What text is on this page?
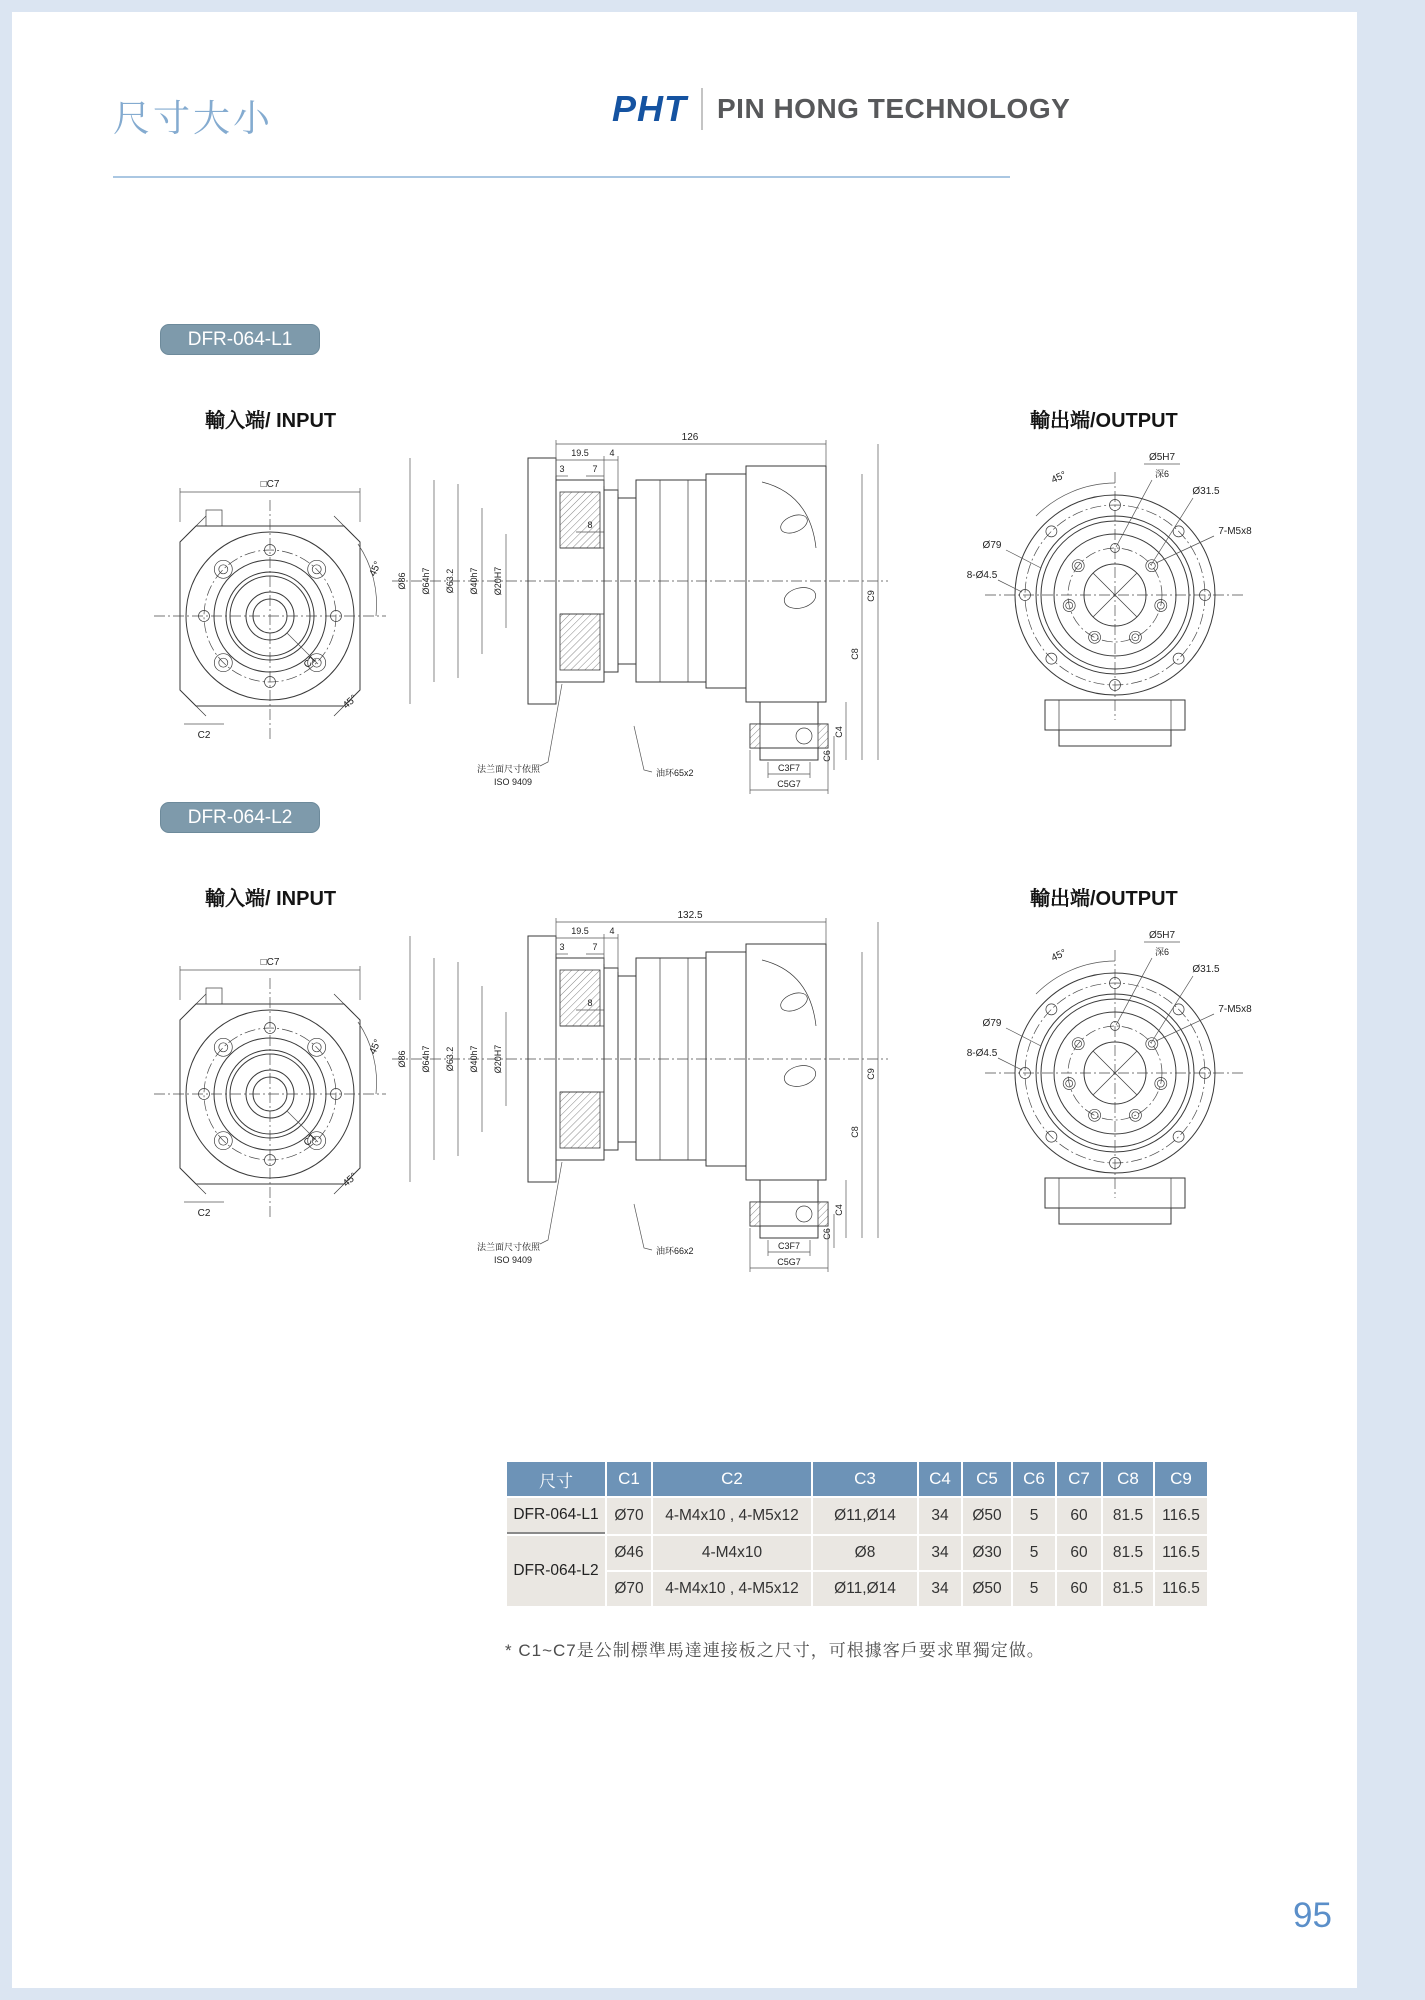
尺寸大小	PHT PIN HONG TECHNOLOGY
DFR-064-L1
輸入端/ INPUT	輸出端/OUTPUT
□C7
45°
45°
C1
C2
Ø86 Ø64h7 Ø63.2 Ø40h7 Ø20H7
8
126
19.5 4
3	7
C6
C4
C8
C9
C3F7
C5G7
法兰面尺寸依照
ISO 9409
油环65x2
45°
Ø5H7
深6
Ø31.5
7-M5x8
Ø79
8-Ø4.5
DFR-064-L2
輸入端/ INPUT	輸出端/OUTPUT
□C7
45°
45°
C1
C2
Ø86 Ø64h7 Ø63.2 Ø40h7 Ø20H7
8
132.5
19.5 4
3	7
C6
C4
C8
C9
C3F7
C5G7
法兰面尺寸依照
ISO 9409
油环66x2
45°
Ø5H7
深6
Ø31.5
7-M5x8
Ø79
8-Ø4.5
尺寸	C1	C2	C3	C4	C5	C6	C7	C8	C9
DFR-064-L1	Ø70	4-M4x10 , 4-M5x12	Ø11,Ø14	34	Ø50	5	60	81.5	116.5
DFR-064-L2	Ø46	4-M4x10	Ø8	34	Ø30	5	60	81.5	116.5
	Ø70	4-M4x10 , 4-M5x12	Ø11,Ø14	34	Ø50	5	60	81.5	116.5
* C1~C7是公制標準馬達連接板之尺寸，可根據客戶要求單獨定做。
95
